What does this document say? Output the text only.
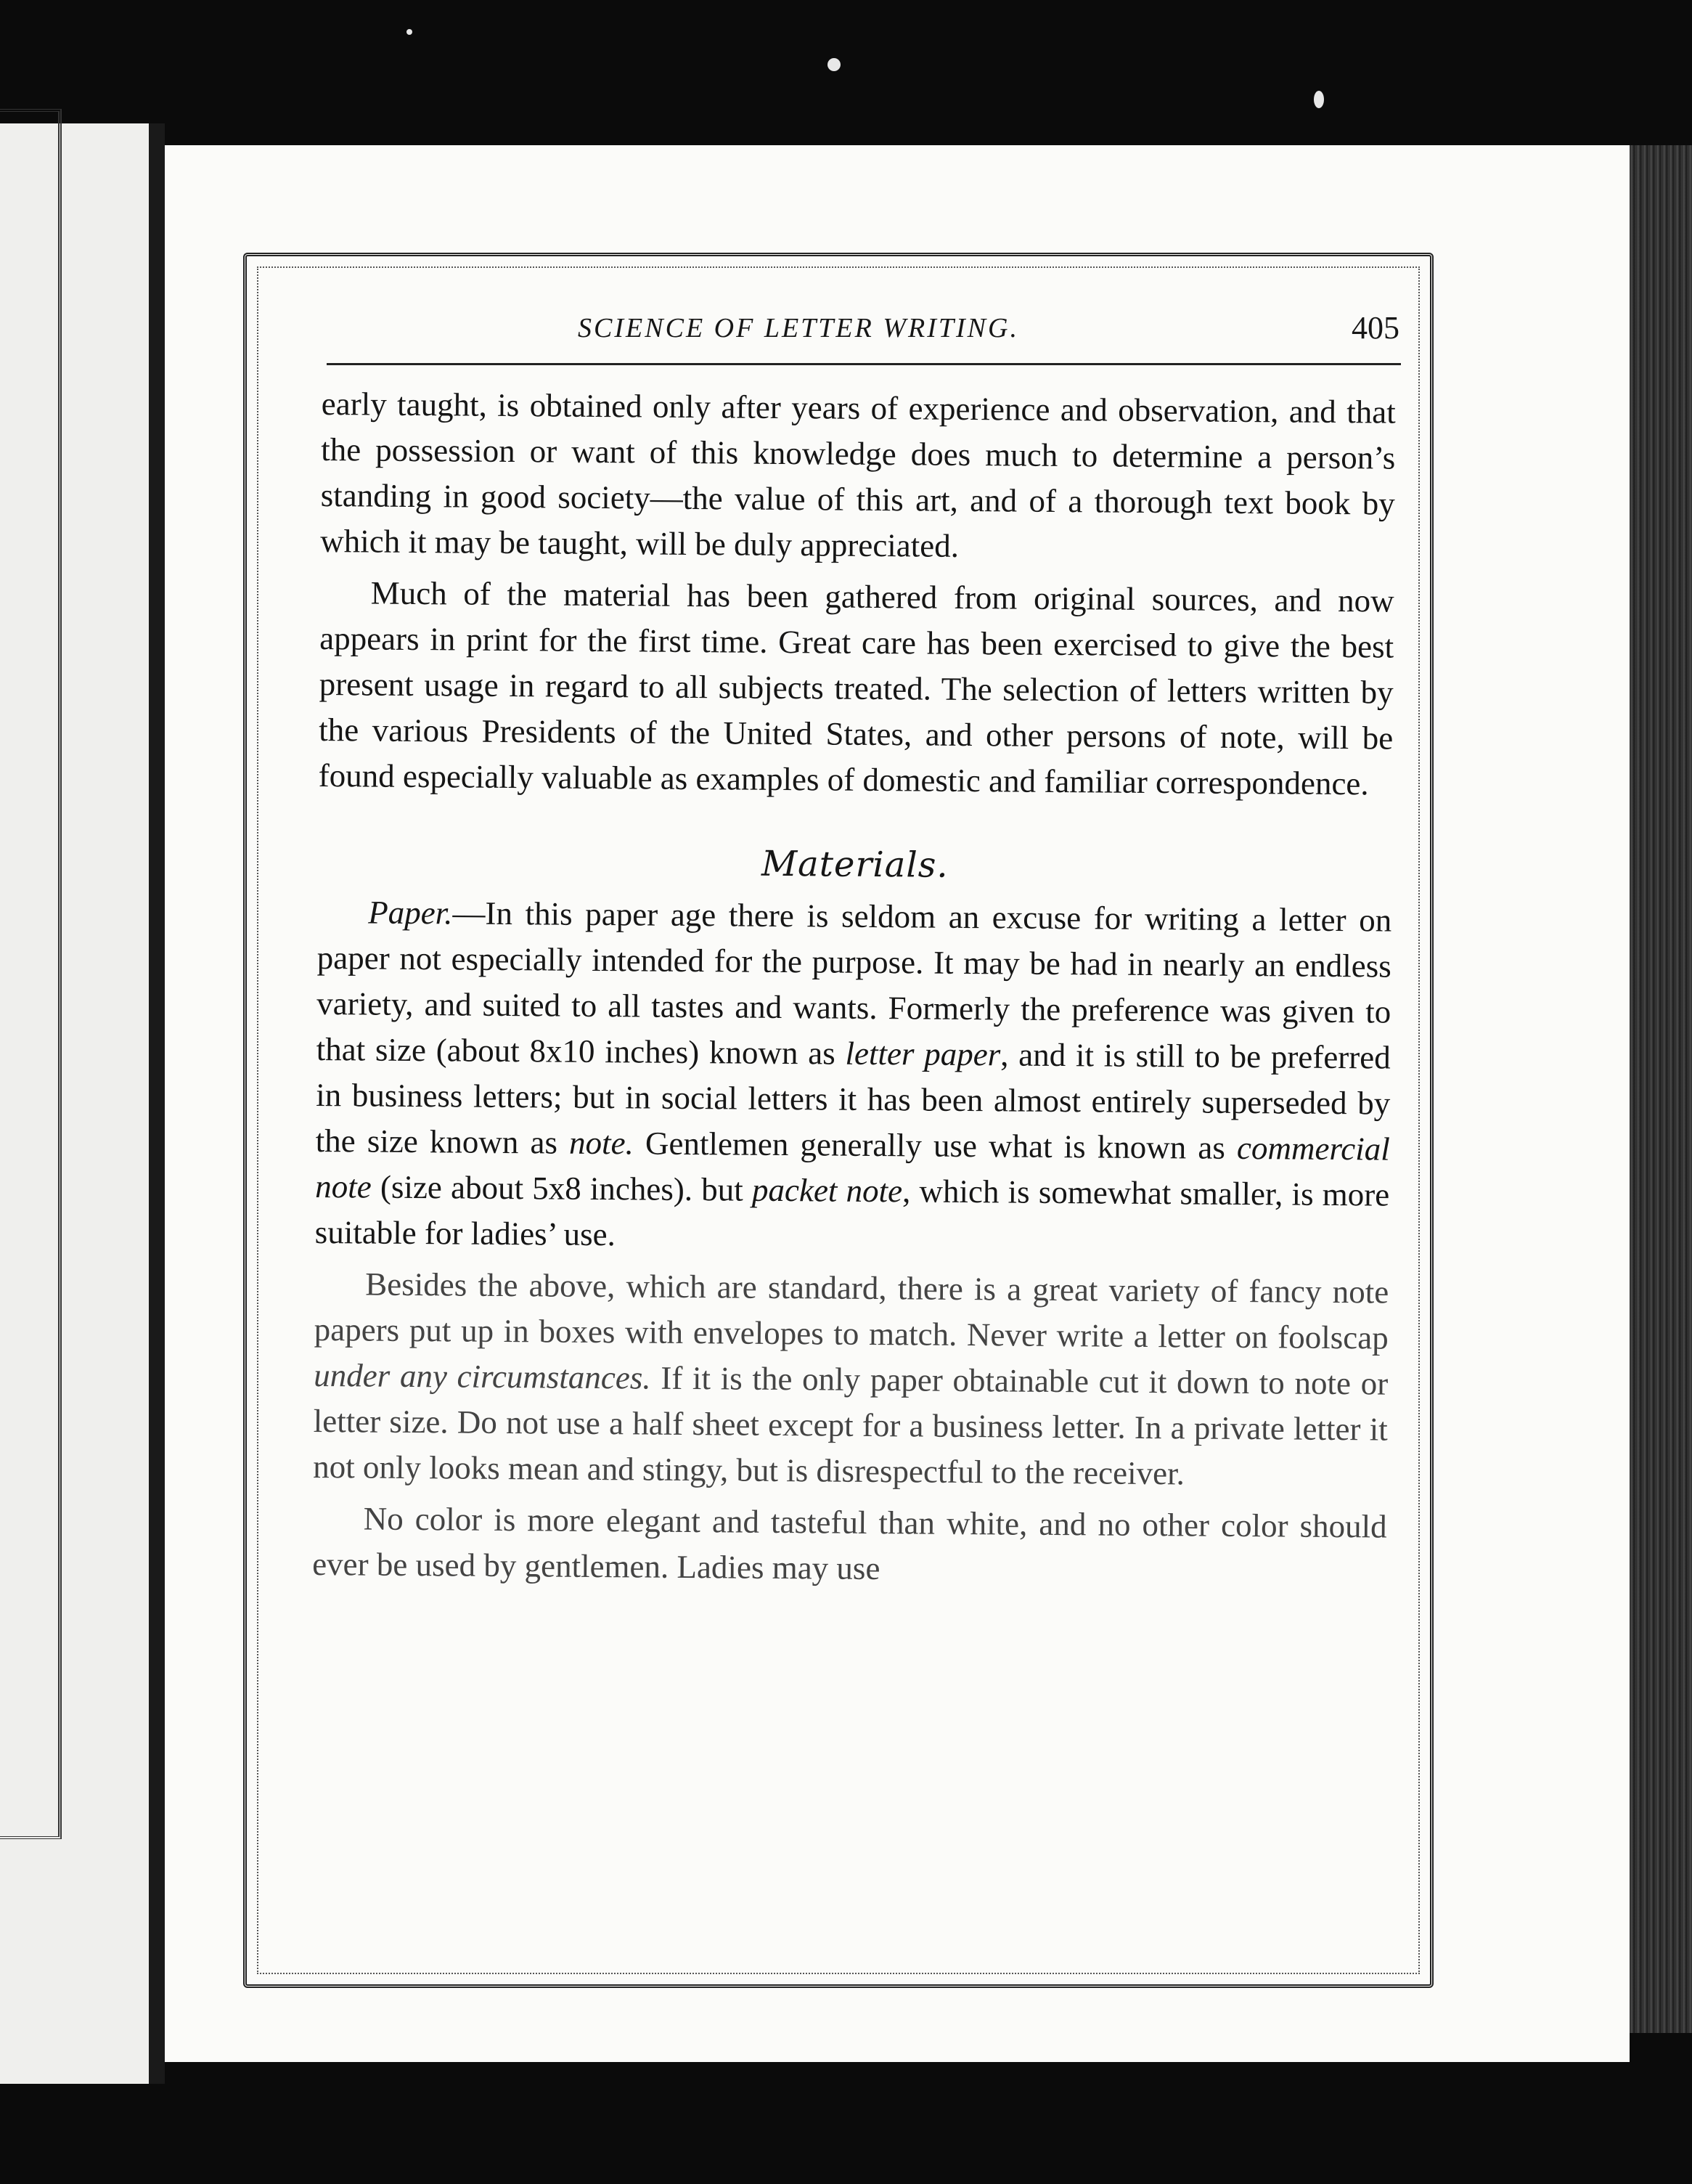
SCIENCE OF LETTER WRITING.	405

early taught, is obtained only after years of experience and observation, and that the possession or want of this knowledge does much to determine a person’s standing in good society—the value of this art, and of a thorough text book by which it may be taught, will be duly appreciated.

Much of the material has been gathered from original sources, and now appears in print for the first time. Great care has been exercised to give the best present usage in regard to all subjects treated. The selection of letters written by the various Presidents of the United States, and other persons of note, will be found especially valuable as examples of domestic and familiar correspondence.

Materials.

Paper.—In this paper age there is seldom an excuse for writing a letter on paper not especially intended for the purpose. It may be had in nearly an endless variety, and suited to all tastes and wants. Formerly the preference was given to that size (about 8x10 inches) known as letter paper, and it is still to be preferred in business letters; but in social letters it has been almost entirely superseded by the size known as note. Gentlemen generally use what is known as commercial note (size about 5x8 inches). but packet note, which is somewhat smaller, is more suitable for ladies’ use.

Besides the above, which are standard, there is a great variety of fancy note papers put up in boxes with envelopes to match. Never write a letter on foolscap under any circumstances. If it is the only paper obtainable cut it down to note or letter size. Do not use a half sheet except for a business letter. In a private letter it not only looks mean and stingy, but is disrespectful to the receiver.

No color is more elegant and tasteful than white, and no other color should ever be used by gentlemen. Ladies may use
